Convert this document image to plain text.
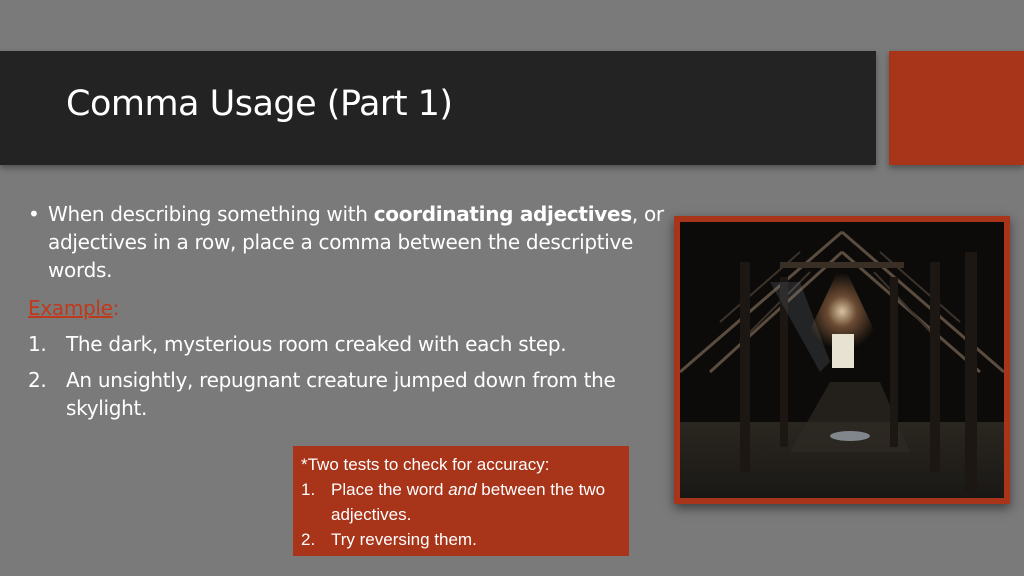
Comma Usage (Part 1)
• When describing something with coordinating adjectives, or adjectives in a row, place a comma between the descriptive words.
Example:
1. The dark, mysterious room creaked with each step.
2. An unsightly, repugnant creature jumped down from the skylight.
*Two tests to check for accuracy:
1. Place the word and between the two adjectives.
2. Try reversing them.
